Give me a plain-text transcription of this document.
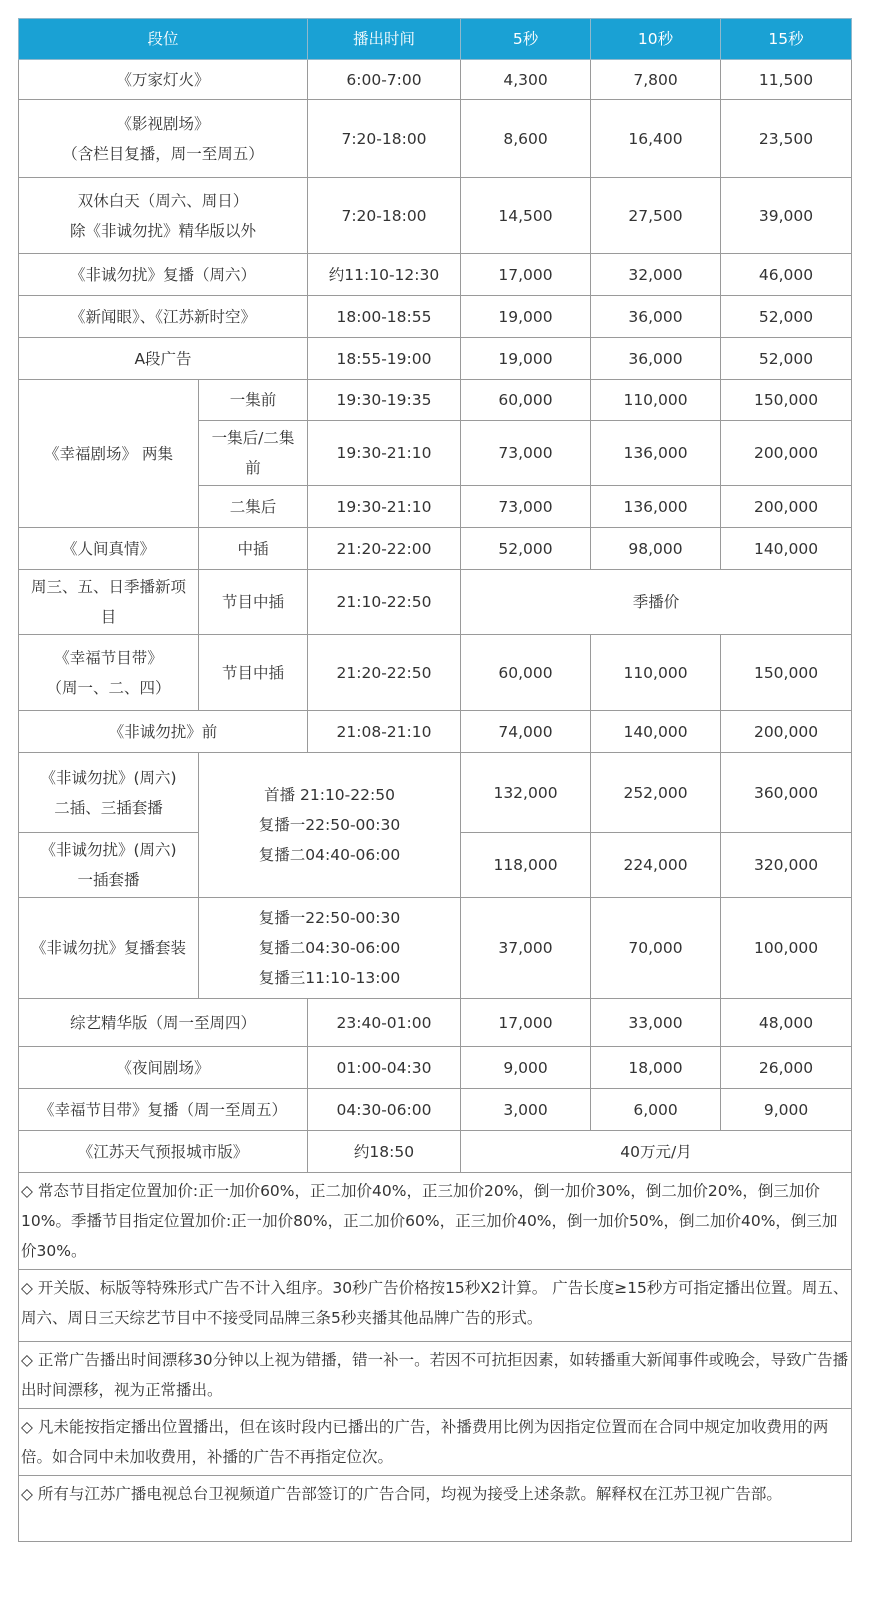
段位		播出时间	5秒	10秒	15秒
《万家灯火》		6:00-7:00	4,300	7,800	11,500

《影视剧场》
（含栏目复播，周一至周五）		7:20-18:00	8,600	16,400	23,500

双休白天（周六、周日）
除《非诚勿扰》精华版以外		7:20-18:00	14,500	27,500	39,000
《非诚勿扰》复播（周六）		约11:10-12:30	17,000	32,000	46,000
《新闻眼》、《江苏新时空》		18:00-18:55	19,000	36,000	52,000
A段广告		18:55-19:00	19,000	36,000	52,000
《幸福剧场》 两集	一集前	19:30-19:35	60,000	110,000	150,000

	一集后/二集
前	19:30-21:10	73,000	136,000	200,000
	二集后	19:30-21:10	73,000	136,000	200,000
《人间真情》	中插	21:20-22:00	52,000	98,000	140,000

周三、五、日季播新项
目	节目中插	21:10-22:50	季播价		

《幸福节目带》
（周一、二、四）	节目中插	21:20-22:50	60,000	110,000	150,000
《非诚勿扰》前		21:08-21:10	74,000	140,000	200,000

《非诚勿扰》(周六)
二插、三插套播	首播 21:10-22:50
复播一22:50-00:30
复播二04:40-06:00		132,000	252,000	360,000

《非诚勿扰》(周六)
一插套播			118,000	224,000	320,000
《非诚勿扰》复播套装	复播一22:50-00:30
复播二04:30-06:00
复播三11:10-13:00		37,000	70,000	100,000
综艺精华版（周一至周四）		23:40-01:00	17,000	33,000	48,000
《夜间剧场》		01:00-04:30	9,000	18,000	26,000
《幸福节目带》复播（周一至周五）		04:30-06:00	3,000	6,000	9,000
《江苏天气预报城市版》		约18:50	40万元/月		
◇ 常态节目指定位置加价:正一加价60%，正二加价40%，正三加价20%，倒一加价30%，倒二加价20%，倒三加价10%。季播节目指定位置加价:正一加价80%，正二加价60%，正三加价40%，倒一加价50%，倒二加价40%，倒三加价30%。					
◇ 开关版、标版等特殊形式广告不计入组序。30秒广告价格按15秒X2计算。 广告长度≥15秒方可指定播出位置。周五、周六、周日三天综艺节目中不接受同品牌三条5秒夹播其他品牌广告的形式。					
◇ 正常广告播出时间漂移30分钟以上视为错播，错一补一。若因不可抗拒因素，如转播重大新闻事件或晚会，导致广告播出时间漂移，视为正常播出。					
◇ 凡未能按指定播出位置播出，但在该时段内已播出的广告，补播费用比例为因指定位置而在合同中规定加收费用的两倍。如合同中未加收费用，补播的广告不再指定位次。					
◇ 所有与江苏广播电视总台卫视频道广告部签订的广告合同，均视为接受上述条款。解释权在江苏卫视广告部。					
